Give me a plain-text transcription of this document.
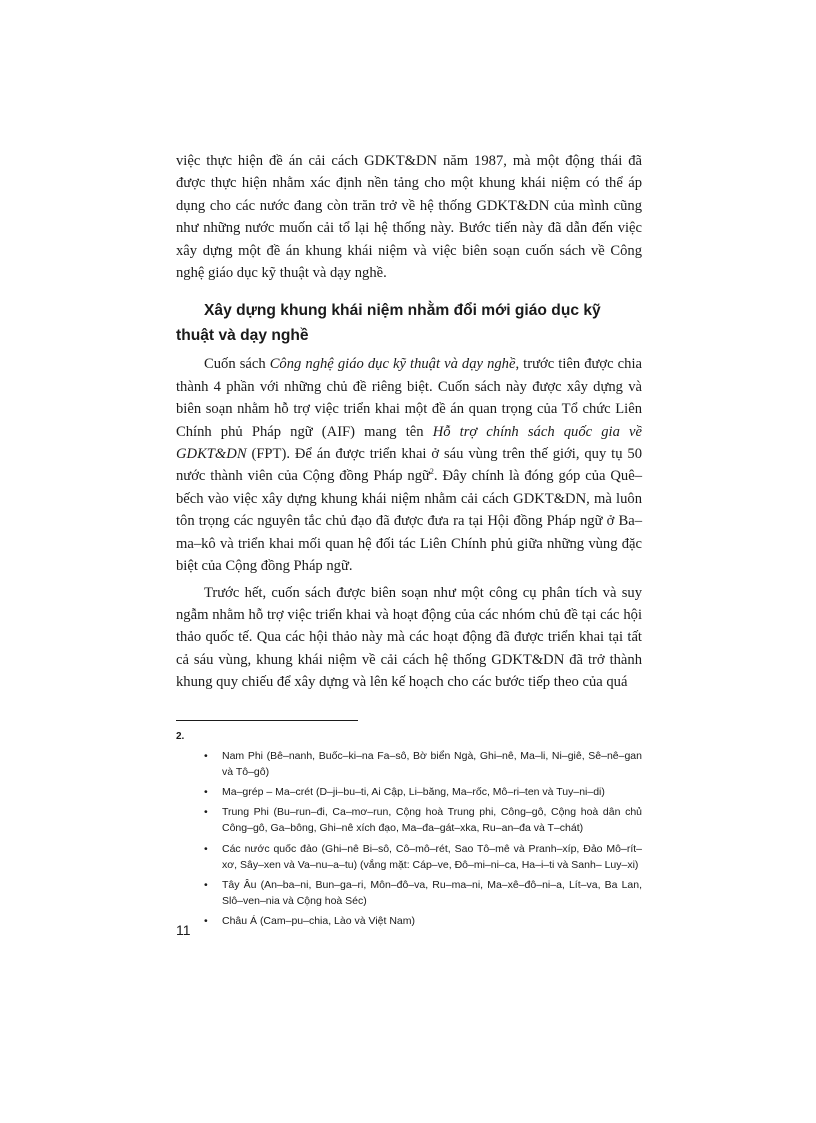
việc thực hiện đề án cải cách GDKT&DN năm 1987, mà một động thái đã được thực hiện nhằm xác định nền tảng cho một khung khái niệm có thể áp dụng cho các nước đang còn trăn trở về hệ thống GDKT&DN của mình cũng như những nước muốn cải tổ lại hệ thống này. Bước tiến này đã dẫn đến việc xây dựng một đề án khung khái niệm và việc biên soạn cuốn sách về Công nghệ giáo dục kỹ thuật và dạy nghề.

Xây dựng khung khái niệm nhằm đổi mới giáo dục kỹ thuật và dạy nghề

Cuốn sách Công nghệ giáo dục kỹ thuật và dạy nghề, trước tiên được chia thành 4 phần với những chủ đề riêng biệt. Cuốn sách này được xây dựng và biên soạn nhằm hỗ trợ việc triển khai một đề án quan trọng của Tổ chức Liên Chính phủ Pháp ngữ (AIF) mang tên Hỗ trợ chính sách quốc gia về GDKT&DN (FPT). Để án được triển khai ở sáu vùng trên thế giới, quy tụ 50 nước thành viên của Cộng đồng Pháp ngữ$^2$. Đây chính là đóng góp của Quê–bếch vào việc xây dựng khung khái niệm nhằm cải cách GDKT&DN, mà luôn tôn trọng các nguyên tắc chủ đạo đã được đưa ra tại Hội đồng Pháp ngữ ở Ba–ma–kô và triển khai mối quan hệ đối tác Liên Chính phủ giữa những vùng đặc biệt của Cộng đồng Pháp ngữ.

Trước hết, cuốn sách được biên soạn như một công cụ phân tích và suy ngẫm nhằm hỗ trợ việc triển khai và hoạt động của các nhóm chủ đề tại các hội thảo quốc tế. Qua các hội thảo này mà các hoạt động đã được triển khai tại tất cả sáu vùng, khung khái niệm về cải cách hệ thống GDKT&DN đã trở thành khung quy chiếu để xây dựng và lên kế hoạch cho các bước tiếp theo của quá

2.
• Nam Phi (Bê–nanh, Buốc–ki–na Fa–sô, Bờ biển Ngà, Ghi–nê, Ma–li, Ni–giê, Sê–nê–gan và Tô–gô)
• Ma–grép – Ma–crét (D–ji–bu–ti, Ai Cập, Li–băng, Ma–rốc, Mô–ri–ten và Tuy–ni–di)
• Trung Phi (Bu–run–đi, Ca–mơ–run, Cộng hoà Trung phi, Công–gô, Cộng hoà dân chủ Công–gô, Ga–bông, Ghi–nê xích đạo, Ma–đa–gát–xka, Ru–an–đa và T–chát)
• Các nước quốc đảo (Ghi–nê Bi–sô, Cô–mô–rét, Sao Tô–mê và Pranh–xíp, Đảo Mô–rít–xơ, Sây–xen và Va–nu–a–tu) (vắng mặt: Cáp–ve, Đô–mi–ni–ca, Ha–i–ti và Sanh– Luy–xi)
• Tây Âu (An–ba–ni, Bun–ga–ri, Môn–đô–va, Ru–ma–ni, Ma–xê–đô–ni–a, Lít–va, Ba Lan, Slô–ven–nia và Cộng hoà Séc)
• Châu Á (Cam–pu–chia, Lào và Việt Nam)
11
